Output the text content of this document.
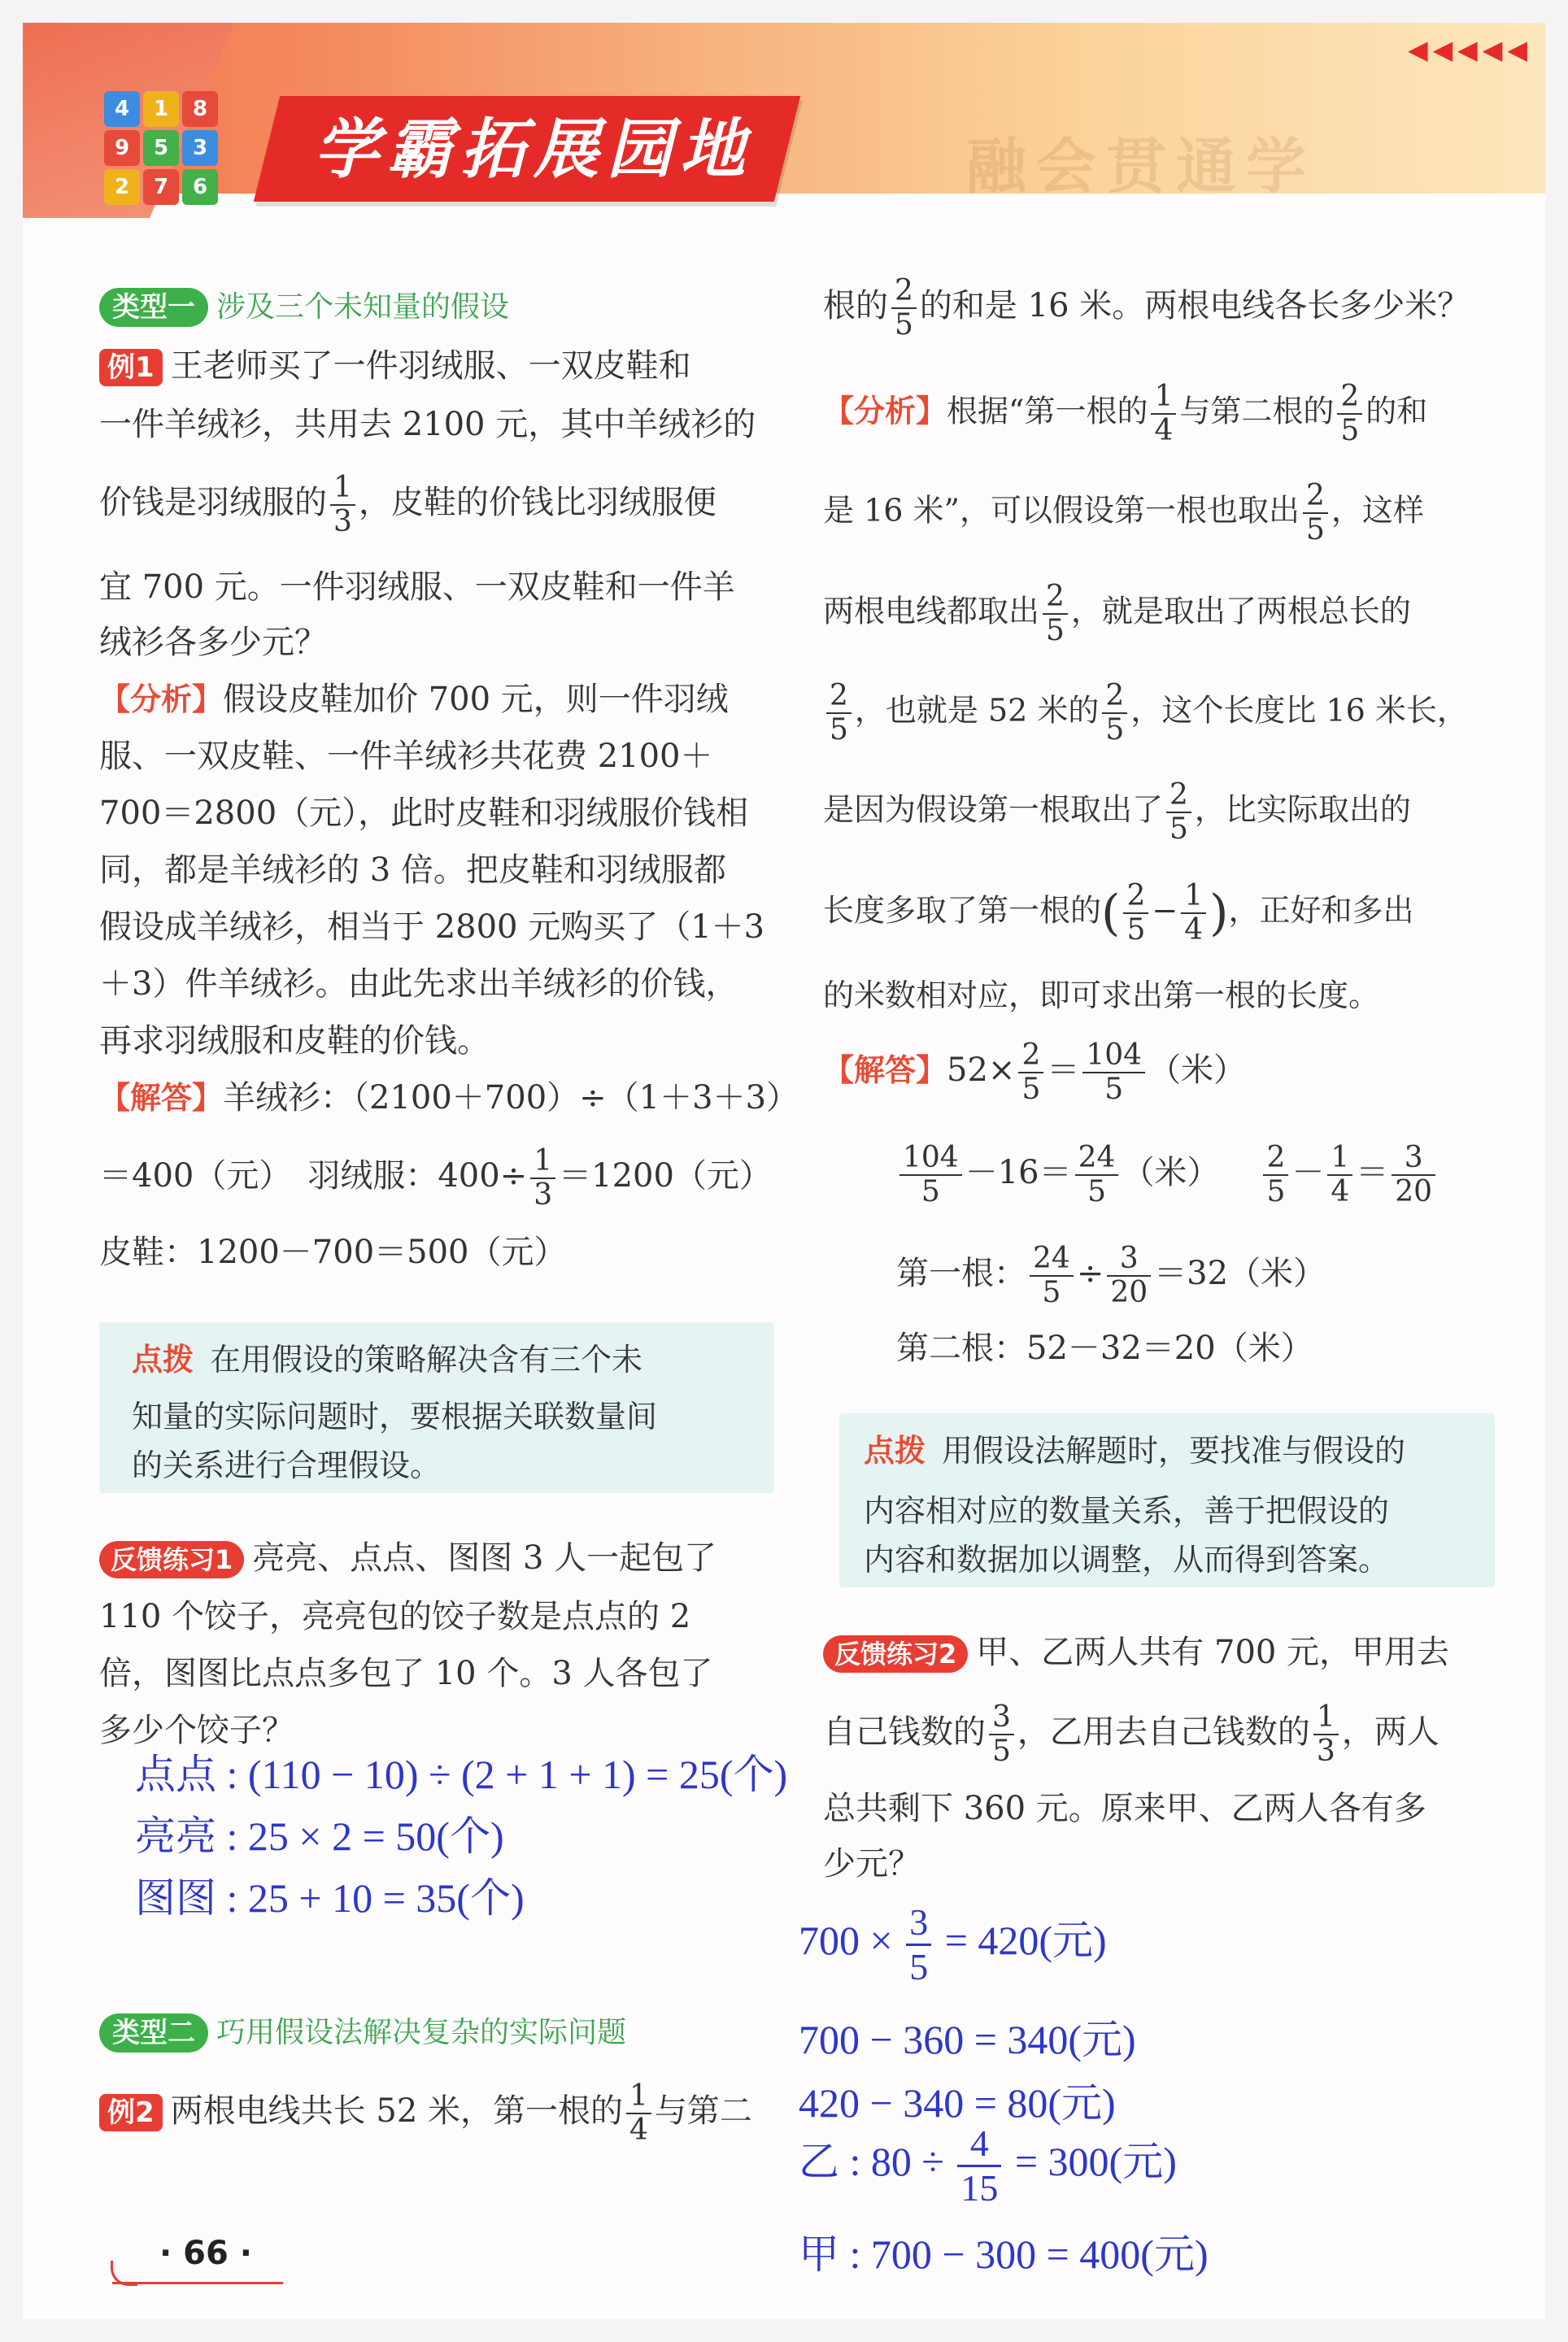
4	1	8
9	5	3
2	7	6	学霸拓展园地	融会贯通学
◀◀◀◀◀
类型一 涉及三个未知量的假设
例1 王老师买了一件羽绒服、一双皮鞋和
一件羊绒衫，共用去 2100 元，其中羊绒衫的
价钱是羽绒服的 $\frac{1}{3}$ ，皮鞋的价钱比羽绒服便
宜 700 元。一件羽绒服、一双皮鞋和一件羊
绒衫各多少元？
【分析】假设皮鞋加价 700 元，则一件羽绒
服、一双皮鞋、一件羊绒衫共花费 2100＋
700＝2800（元），此时皮鞋和羽绒服价钱相
同，都是羊绒衫的 3 倍。把皮鞋和羽绒服都
假设成羊绒衫，相当于 2800 元购买了（1＋3
＋3）件羊绒衫。由此先求出羊绒衫的价钱，
再求羽绒服和皮鞋的价钱。
【解答】羊绒衫：（2100＋700）÷（1＋3＋3）
＝400（元）　羽绒服：$400\div \frac{1}{3} =1200$（元）
皮鞋：1200－700＝500（元）
点拨 在用假设的策略解决含有三个未
知量的实际问题时，要根据关联数量间
的关系进行合理假设。
反馈练习1 亮亮、点点、图图 3 人一起包了
110 个饺子，亮亮包的饺子数是点点的 2
倍，图图比点点多包了 10 个。3 人各包了
多少个饺子？
点点 : (110 − 10) ÷ (2 + 1 + 1) = 25(个)
亮亮 : 25 × 2 = 50(个)
图图 : 25 + 10 = 35(个)
类型二 巧用假设法解决复杂的实际问题
例2 两根电线共长 52 米，第一根的 $\frac{1}{4}$ 与第二
根的 $\frac{2}{5}$ 的和是 16 米。两根电线各长多少米？
【分析】根据“第一根的 $\frac{1}{4}$ 与第二根的 $\frac{2}{5}$ 的和
是 16 米”，可以假设第一根也取出 $\frac{2}{5}$ ，这样
两根电线都取出 $\frac{2}{5}$ ，就是取出了两根总长的
$\frac{2}{5}$ ，也就是 52 米的 $\frac{2}{5}$ ，这个长度比 16 米长，
是因为假设第一根取出了 $\frac{2}{5}$ ，比实际取出的
长度多取了第一根的( $\frac{2}{5} - \frac{1}{4}$ )，正好和多出
的米数相对应，即可求出第一根的长度。
【解答】$52\times \frac{2}{5} = \frac{104}{5}$ （米）
$\frac{104}{5} -16= \frac{24}{5}$ （米） $\frac{2}{5} - \frac{1}{4} = \frac{3}{20}$
第一根： $\frac{24}{5} \div \frac{3}{20} =32$（米）
第二根：52－32＝20（米）
点拨 用假设法解题时，要找准与假设的
内容相对应的数量关系，善于把假设的
内容和数据加以调整，从而得到答案。
反馈练习2 甲、乙两人共有 700 元，甲用去
自己钱数的 $\frac{3}{5}$ ，乙用去自己钱数的 $\frac{1}{3}$ ，两人
总共剩下 360 元。原来甲、乙两人各有多
少元？
$700 \times \frac{3}{5} = 420$(元)
700 − 360 = 340(元)
420 − 340 = 80(元)
乙 : $80 \div \frac{4}{15} = 300$(元)
甲 : 700 − 300 = 400(元)
· 66 ·
